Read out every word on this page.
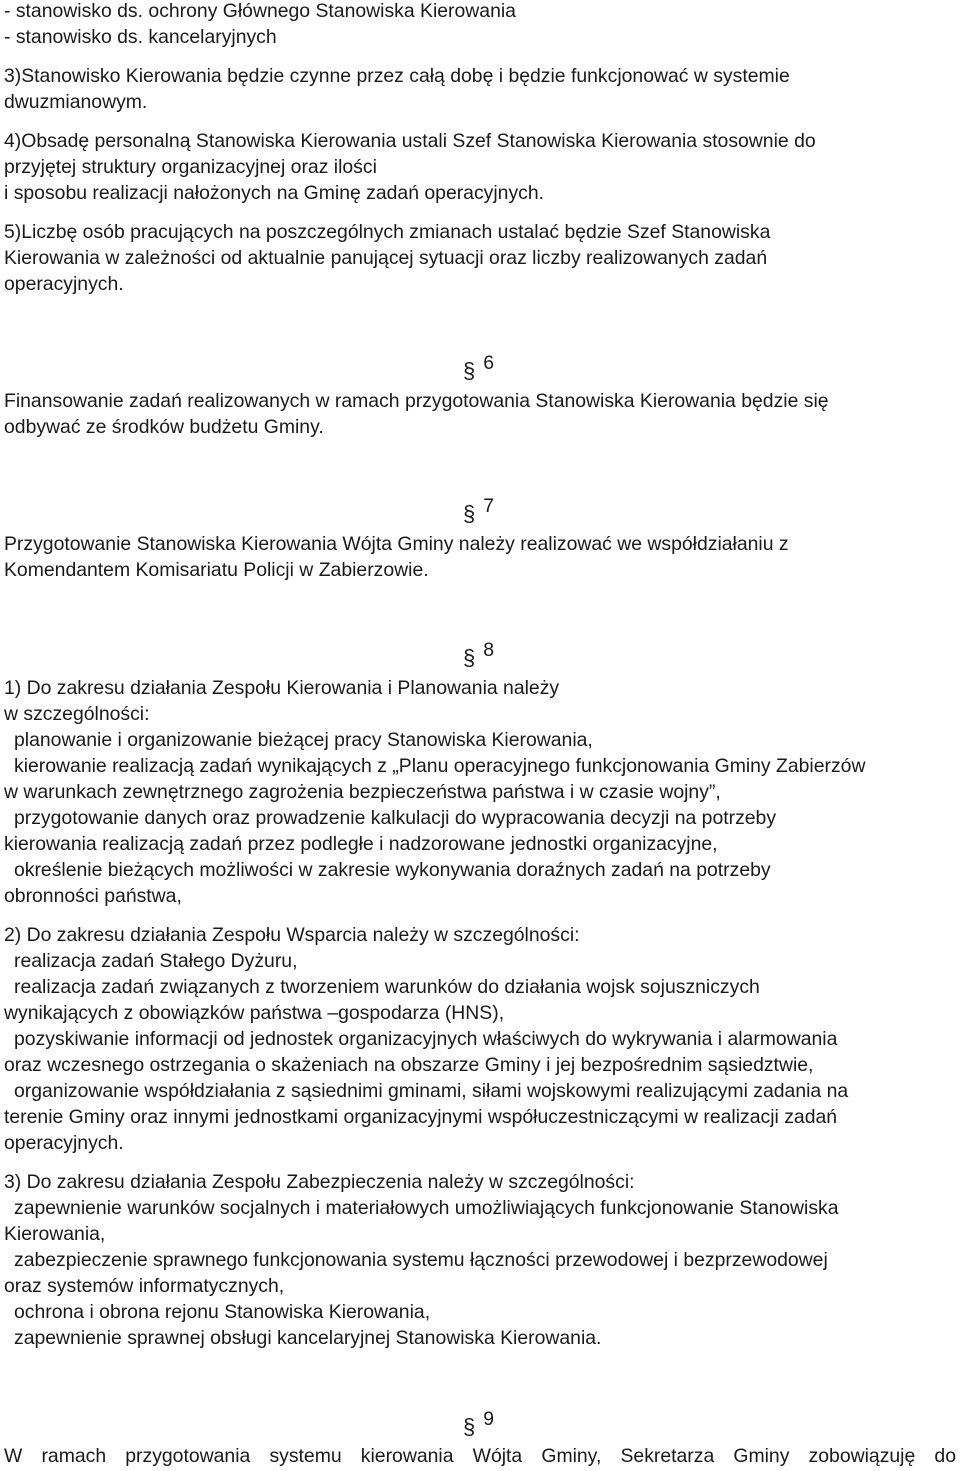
- stanowisko ds. ochrony Głównego Stanowiska Kierowania
- stanowisko ds. kancelaryjnych
3)Stanowisko Kierowania będzie czynne przez całą dobę i będzie funkcjonować w systemie
dwuzmianowym.
4)Obsadę personalną Stanowiska Kierowania ustali Szef Stanowiska Kierowania stosownie do
przyjętej struktury organizacyjnej oraz ilości
i sposobu realizacji nałożonych na Gminę zadań operacyjnych.
5)Liczbę osób pracujących na poszczególnych zmianach ustalać będzie Szef Stanowiska
Kierowania w zależności od aktualnie panującej sytuacji oraz liczby realizowanych zadań
operacyjnych.
§ 6
Finansowanie zadań realizowanych w ramach przygotowania Stanowiska Kierowania będzie się
odbywać ze środków budżetu Gminy.
§ 7
Przygotowanie Stanowiska Kierowania Wójta Gminy należy realizować we współdziałaniu z
Komendantem Komisariatu Policji w Zabierzowie.
§ 8
1) Do zakresu działania Zespołu Kierowania i Planowania należy
w szczególności:
planowanie i organizowanie bieżącej pracy Stanowiska Kierowania,
kierowanie realizacją zadań wynikających z „Planu operacyjnego funkcjonowania Gminy Zabierzów
w warunkach zewnętrznego zagrożenia bezpieczeństwa państwa i w czasie wojny”,
przygotowanie danych oraz prowadzenie kalkulacji do wypracowania decyzji na potrzeby
kierowania realizacją zadań przez podległe i nadzorowane jednostki organizacyjne,
określenie bieżących możliwości w zakresie wykonywania doraźnych zadań na potrzeby
obronności państwa,
2) Do zakresu działania Zespołu Wsparcia należy w szczególności:
realizacja zadań Stałego Dyżuru,
realizacja zadań związanych z tworzeniem warunków do działania wojsk sojuszniczych
wynikających z obowiązków państwa –gospodarza (HNS),
pozyskiwanie informacji od jednostek organizacyjnych właściwych do wykrywania i alarmowania
oraz wczesnego ostrzegania o skażeniach na obszarze Gminy i jej bezpośrednim sąsiedztwie,
organizowanie współdziałania z sąsiednimi gminami, siłami wojskowymi realizującymi zadania na
terenie Gminy oraz innymi jednostkami organizacyjnymi współuczestniczącymi w realizacji zadań
operacyjnych.
3) Do zakresu działania Zespołu Zabezpieczenia należy w szczególności:
zapewnienie warunków socjalnych i materiałowych umożliwiających funkcjonowanie Stanowiska
Kierowania,
zabezpieczenie sprawnego funkcjonowania systemu łączności przewodowej i bezprzewodowej
oraz systemów informatycznych,
ochrona i obrona rejonu Stanowiska Kierowania,
zapewnienie sprawnej obsługi kancelaryjnej Stanowiska Kierowania.
§ 9
W ramach przygotowania systemu kierowania Wójta Gminy, Sekretarza Gminy zobowiązuję do
